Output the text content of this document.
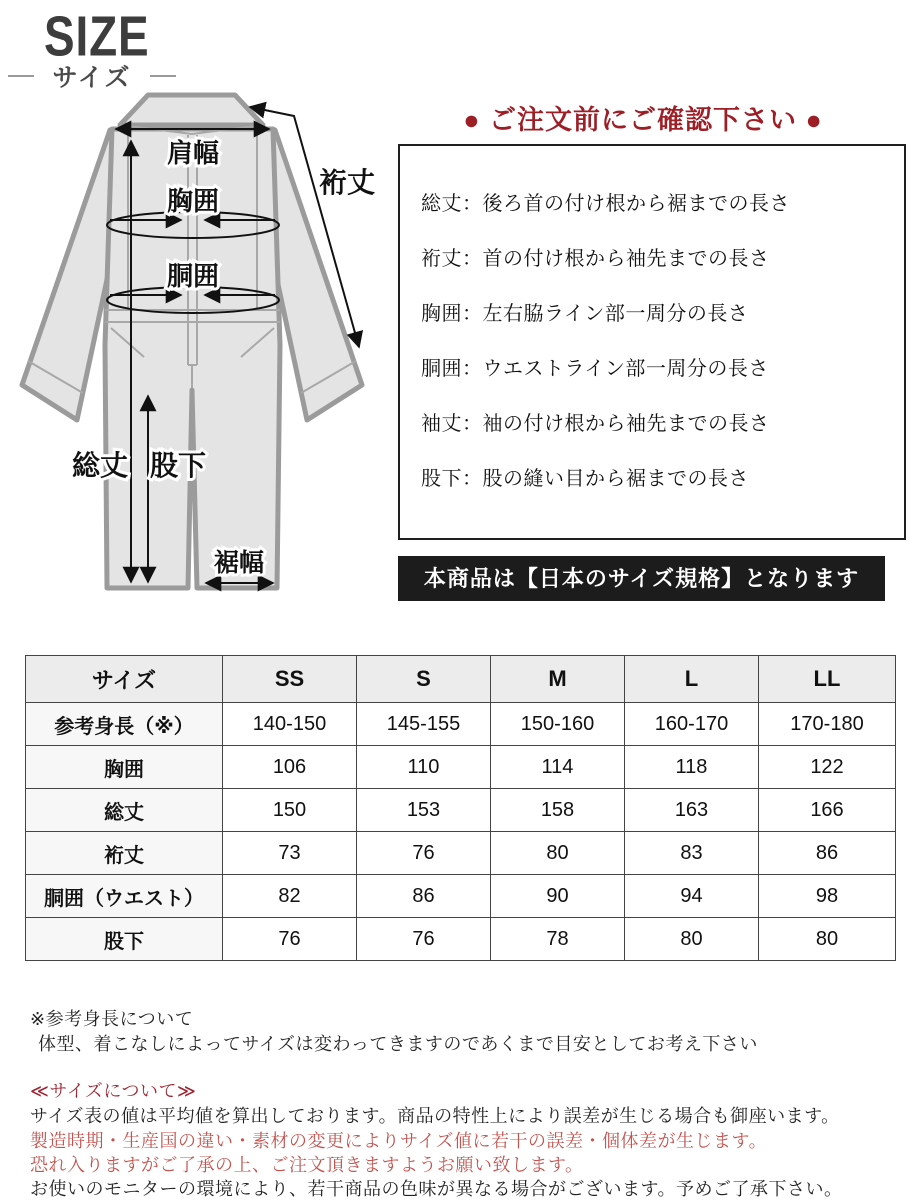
SIZE
サイズ
肩幅
胸囲
胴囲
裄丈
総丈 股下
裾幅
● ご注文前にご確認下さい ●
総丈：後ろ首の付け根から裾までの長さ
裄丈：首の付け根から袖先までの長さ
胸囲：左右脇ライン部一周分の長さ
胴囲：ウエストライン部一周分の長さ
袖丈：袖の付け根から袖先までの長さ
股下：股の縫い目から裾までの長さ
本商品は【日本のサイズ規格】となります
サイズ	SS	S	M	L	LL
参考身長（※）	140-150	145-155	150-160	160-170	170-180
胸囲	106	110	114	118	122
総丈	150	153	158	163	166
裄丈	73	76	80	83	86
胴囲（ウエスト）	82	86	90	94	98
股下	76	76	78	80	80
※参考身長について
体型、着こなしによってサイズは変わってきますのであくまで目安としてお考え下さい
≪サイズについて≫
サイズ表の値は平均値を算出しております。商品の特性上により誤差が生じる場合も御座います。
製造時期・生産国の違い・素材の変更によりサイズ値に若干の誤差・個体差が生じます。
恐れ入りますがご了承の上、ご注文頂きますようお願い致します。
お使いのモニターの環境により、若干商品の色味が異なる場合がございます。予めご了承下さい。
